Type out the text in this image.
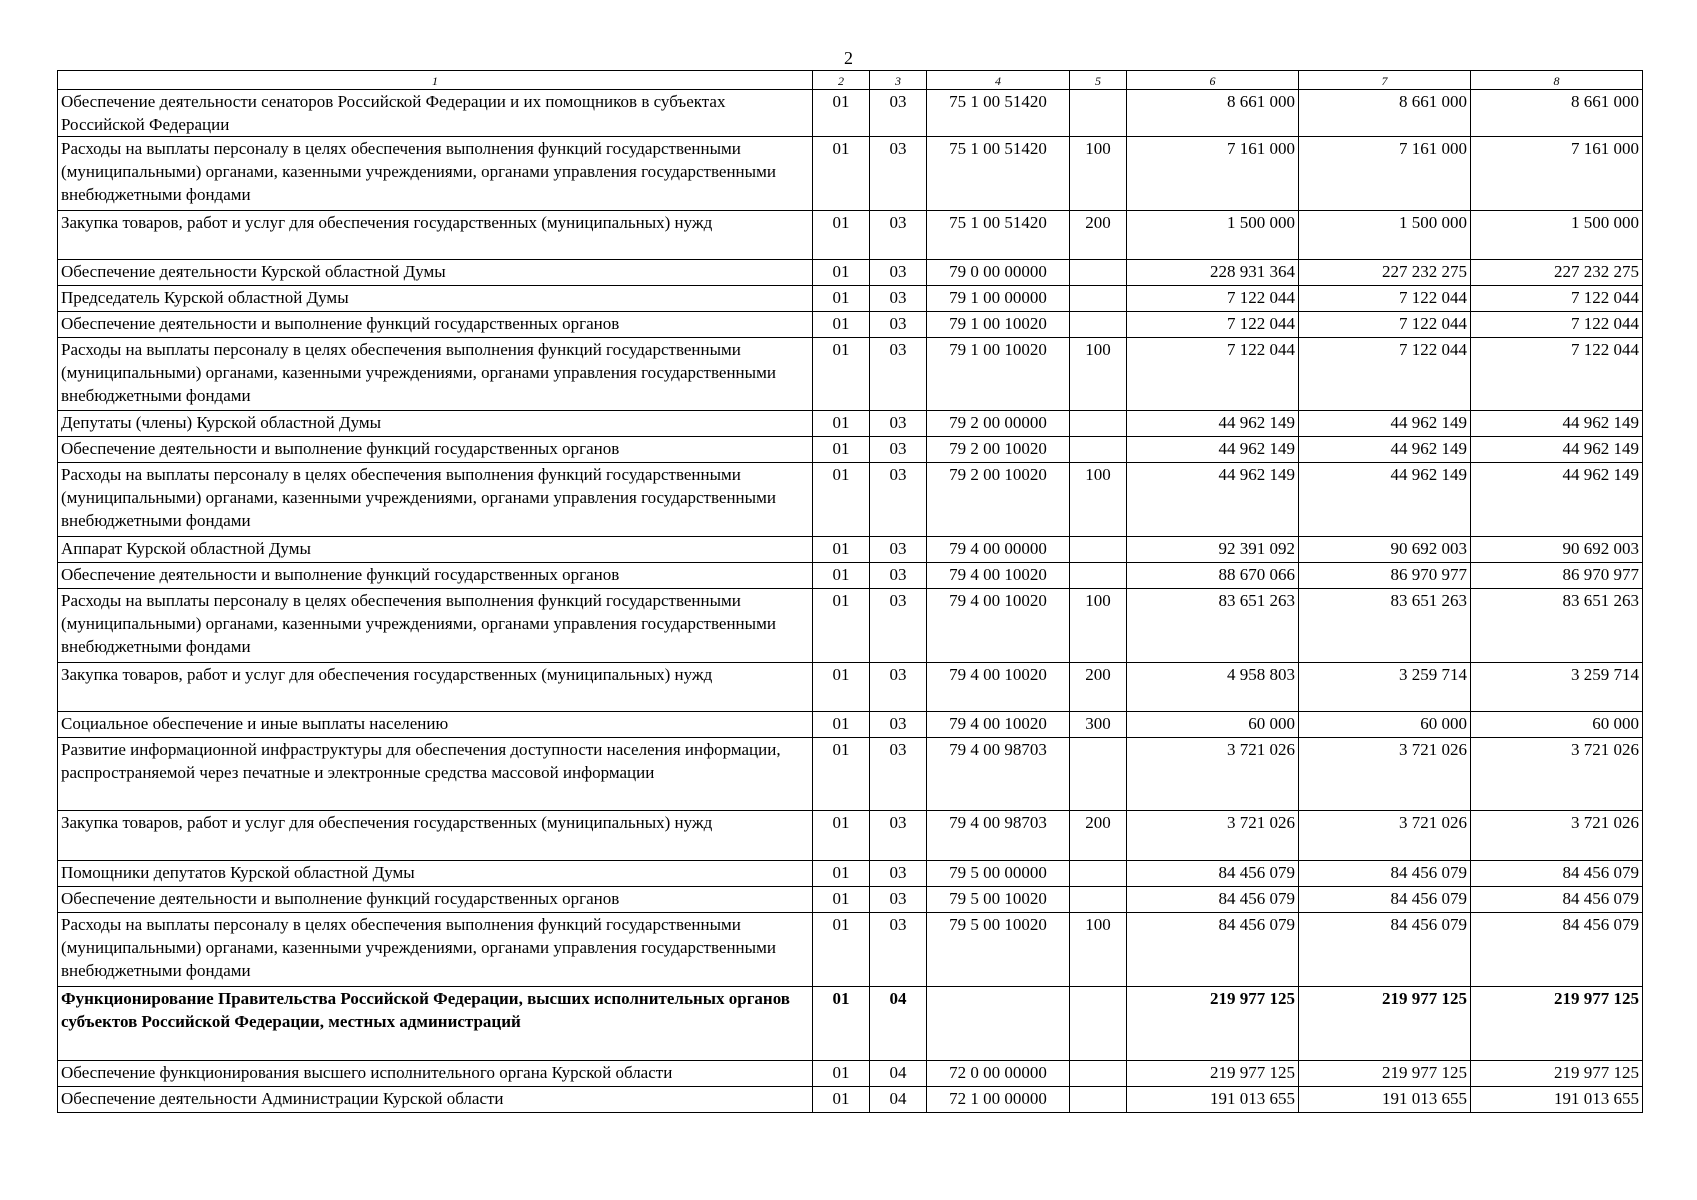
2
1	2	3	4	5	6	7	8
Обеспечение деятельности сенаторов Российской Федерации и их помощников в субъектах Российской Федерации	01	03	75 1 00 51420		8 661 000	8 661 000	8 661 000
Расходы на выплаты персоналу в целях обеспечения выполнения функций государственными (муниципальными) органами, казенными учреждениями, органами управления государственными внебюджетными фондами	01	03	75 1 00 51420	100	7 161 000	7 161 000	7 161 000
Закупка товаров, работ и услуг для обеспечения государственных (муниципальных) нужд	01	03	75 1 00 51420	200	1 500 000	1 500 000	1 500 000
Обеспечение деятельности Курской областной Думы	01	03	79 0 00 00000		228 931 364	227 232 275	227 232 275
Председатель Курской областной Думы	01	03	79 1 00 00000		7 122 044	7 122 044	7 122 044
Обеспечение деятельности и выполнение функций государственных органов	01	03	79 1 00 10020		7 122 044	7 122 044	7 122 044
Расходы на выплаты персоналу в целях обеспечения выполнения функций государственными (муниципальными) органами, казенными учреждениями, органами управления государственными внебюджетными фондами	01	03	79 1 00 10020	100	7 122 044	7 122 044	7 122 044
Депутаты (члены) Курской областной Думы	01	03	79 2 00 00000		44 962 149	44 962 149	44 962 149
Обеспечение деятельности и выполнение функций государственных органов	01	03	79 2 00 10020		44 962 149	44 962 149	44 962 149
Расходы на выплаты персоналу в целях обеспечения выполнения функций государственными (муниципальными) органами, казенными учреждениями, органами управления государственными внебюджетными фондами	01	03	79 2 00 10020	100	44 962 149	44 962 149	44 962 149
Аппарат Курской областной Думы	01	03	79 4 00 00000		92 391 092	90 692 003	90 692 003
Обеспечение деятельности и выполнение функций государственных органов	01	03	79 4 00 10020		88 670 066	86 970 977	86 970 977
Расходы на выплаты персоналу в целях обеспечения выполнения функций государственными (муниципальными) органами, казенными учреждениями, органами управления государственными внебюджетными фондами	01	03	79 4 00 10020	100	83 651 263	83 651 263	83 651 263
Закупка товаров, работ и услуг для обеспечения государственных (муниципальных) нужд	01	03	79 4 00 10020	200	4 958 803	3 259 714	3 259 714
Социальное обеспечение и иные выплаты населению	01	03	79 4 00 10020	300	60 000	60 000	60 000
Развитие информационной инфраструктуры для обеспечения доступности населения информации, распространяемой через печатные и электронные средства массовой информации	01	03	79 4 00 98703		3 721 026	3 721 026	3 721 026
Закупка товаров, работ и услуг для обеспечения государственных (муниципальных) нужд	01	03	79 4 00 98703	200	3 721 026	3 721 026	3 721 026
Помощники депутатов Курской областной Думы	01	03	79 5 00 00000		84 456 079	84 456 079	84 456 079
Обеспечение деятельности и выполнение функций государственных органов	01	03	79 5 00 10020		84 456 079	84 456 079	84 456 079
Расходы на выплаты персоналу в целях обеспечения выполнения функций государственными (муниципальными) органами, казенными учреждениями, органами управления государственными внебюджетными фондами	01	03	79 5 00 10020	100	84 456 079	84 456 079	84 456 079
Функционирование Правительства Российской Федерации, высших исполнительных органов субъектов Российской Федерации, местных администраций	01	04			219 977 125	219 977 125	219 977 125
Обеспечение функционирования высшего исполнительного органа Курской области	01	04	72 0 00 00000		219 977 125	219 977 125	219 977 125
Обеспечение деятельности Администрации Курской области	01	04	72 1 00 00000		191 013 655	191 013 655	191 013 655
